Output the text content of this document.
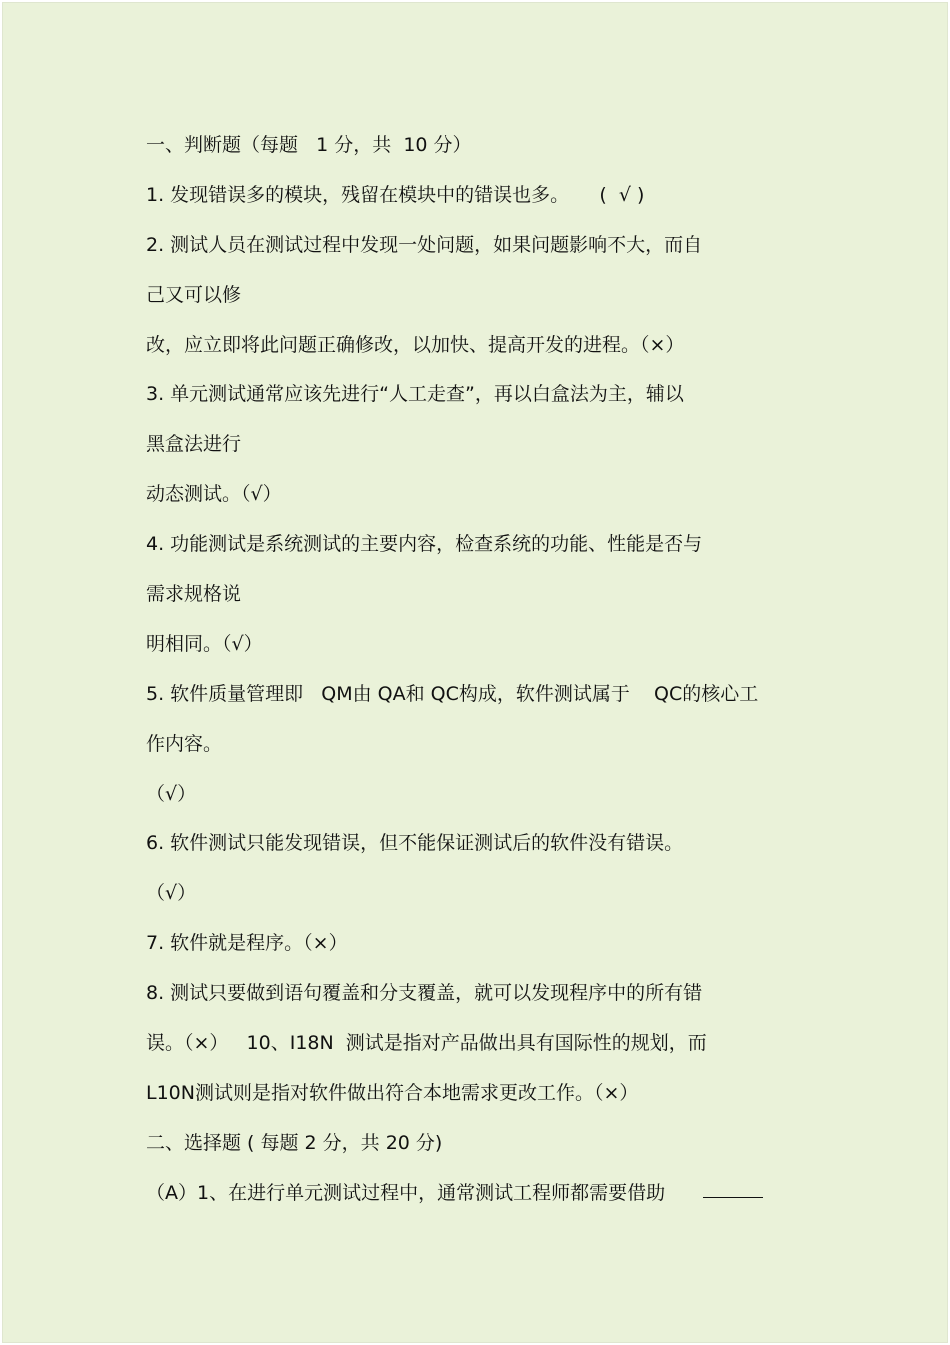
一、判断题（每题   1 分，共  10 分）
1. 发现错误多的模块，残留在模块中的错误也多。     (  √ )
2. 测试人员在测试过程中发现一处问题，如果问题影响不大，而自
己又可以修
改，应立即将此问题正确修改，以加快、提高开发的进程。（×）
3. 单元测试通常应该先进行“人工走查”，再以白盒法为主，辅以
黑盒法进行
动态测试。（√）
4. 功能测试是系统测试的主要内容，检查系统的功能、性能是否与
需求规格说
明相同。（√）
5. 软件质量管理即   QM由 QA和 QC构成，软件测试属于    QC的核心工
作内容。
（√）
6. 软件测试只能发现错误，但不能保证测试后的软件没有错误。
（√）
7. 软件就是程序。（×）
8. 测试只要做到语句覆盖和分支覆盖，就可以发现程序中的所有错
误。（×）   10、I18N  测试是指对产品做出具有国际性的规划，而
L10N测试则是指对软件做出符合本地需求更改工作。（×）
二、选择题 ( 每题 2 分，共 20 分)
（A）1、在进行单元测试过程中，通常测试工程师都需要借助
